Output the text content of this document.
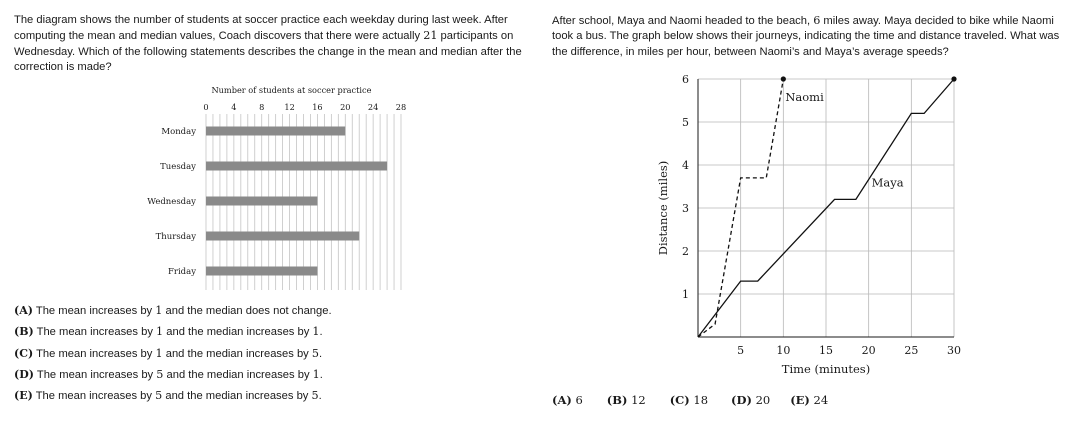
The diagram shows the number of students at soccer practice each weekday during last week. After computing the mean and median values, Coach discovers that there were actually 21 participants on Wednesday. Which of the following statements describes the change in the mean and median after the correction is made?

Number of students at soccer practice
0	4	8 12 16 20 24 28
Monday
Tuesday
Wednesday
Thursday
Friday
(A) The mean increases by 1 and the median does not change.
(B) The mean increases by 1 and the median increases by 1.
(C) The mean increases by 1 and the median increases by 5.
(D) The mean increases by 5 and the median increases by 1.
(E) The mean increases by 5 and the median increases by 5.

After school, Maya and Naomi headed to the beach, 6 miles away. Maya decided to bike while Naomi took a bus. The graph below shows their journeys, indicating the time and distance traveled. What was the difference, in miles per hour, between Naomi’s and Maya’s average speeds?

5	10	15	20	25	30
1
2
3
4
5
6
Time (minutes)
Distance (miles)
Naomi
Maya
(A) 6 (B) 12 (C) 18 (D) 20 (E) 24
